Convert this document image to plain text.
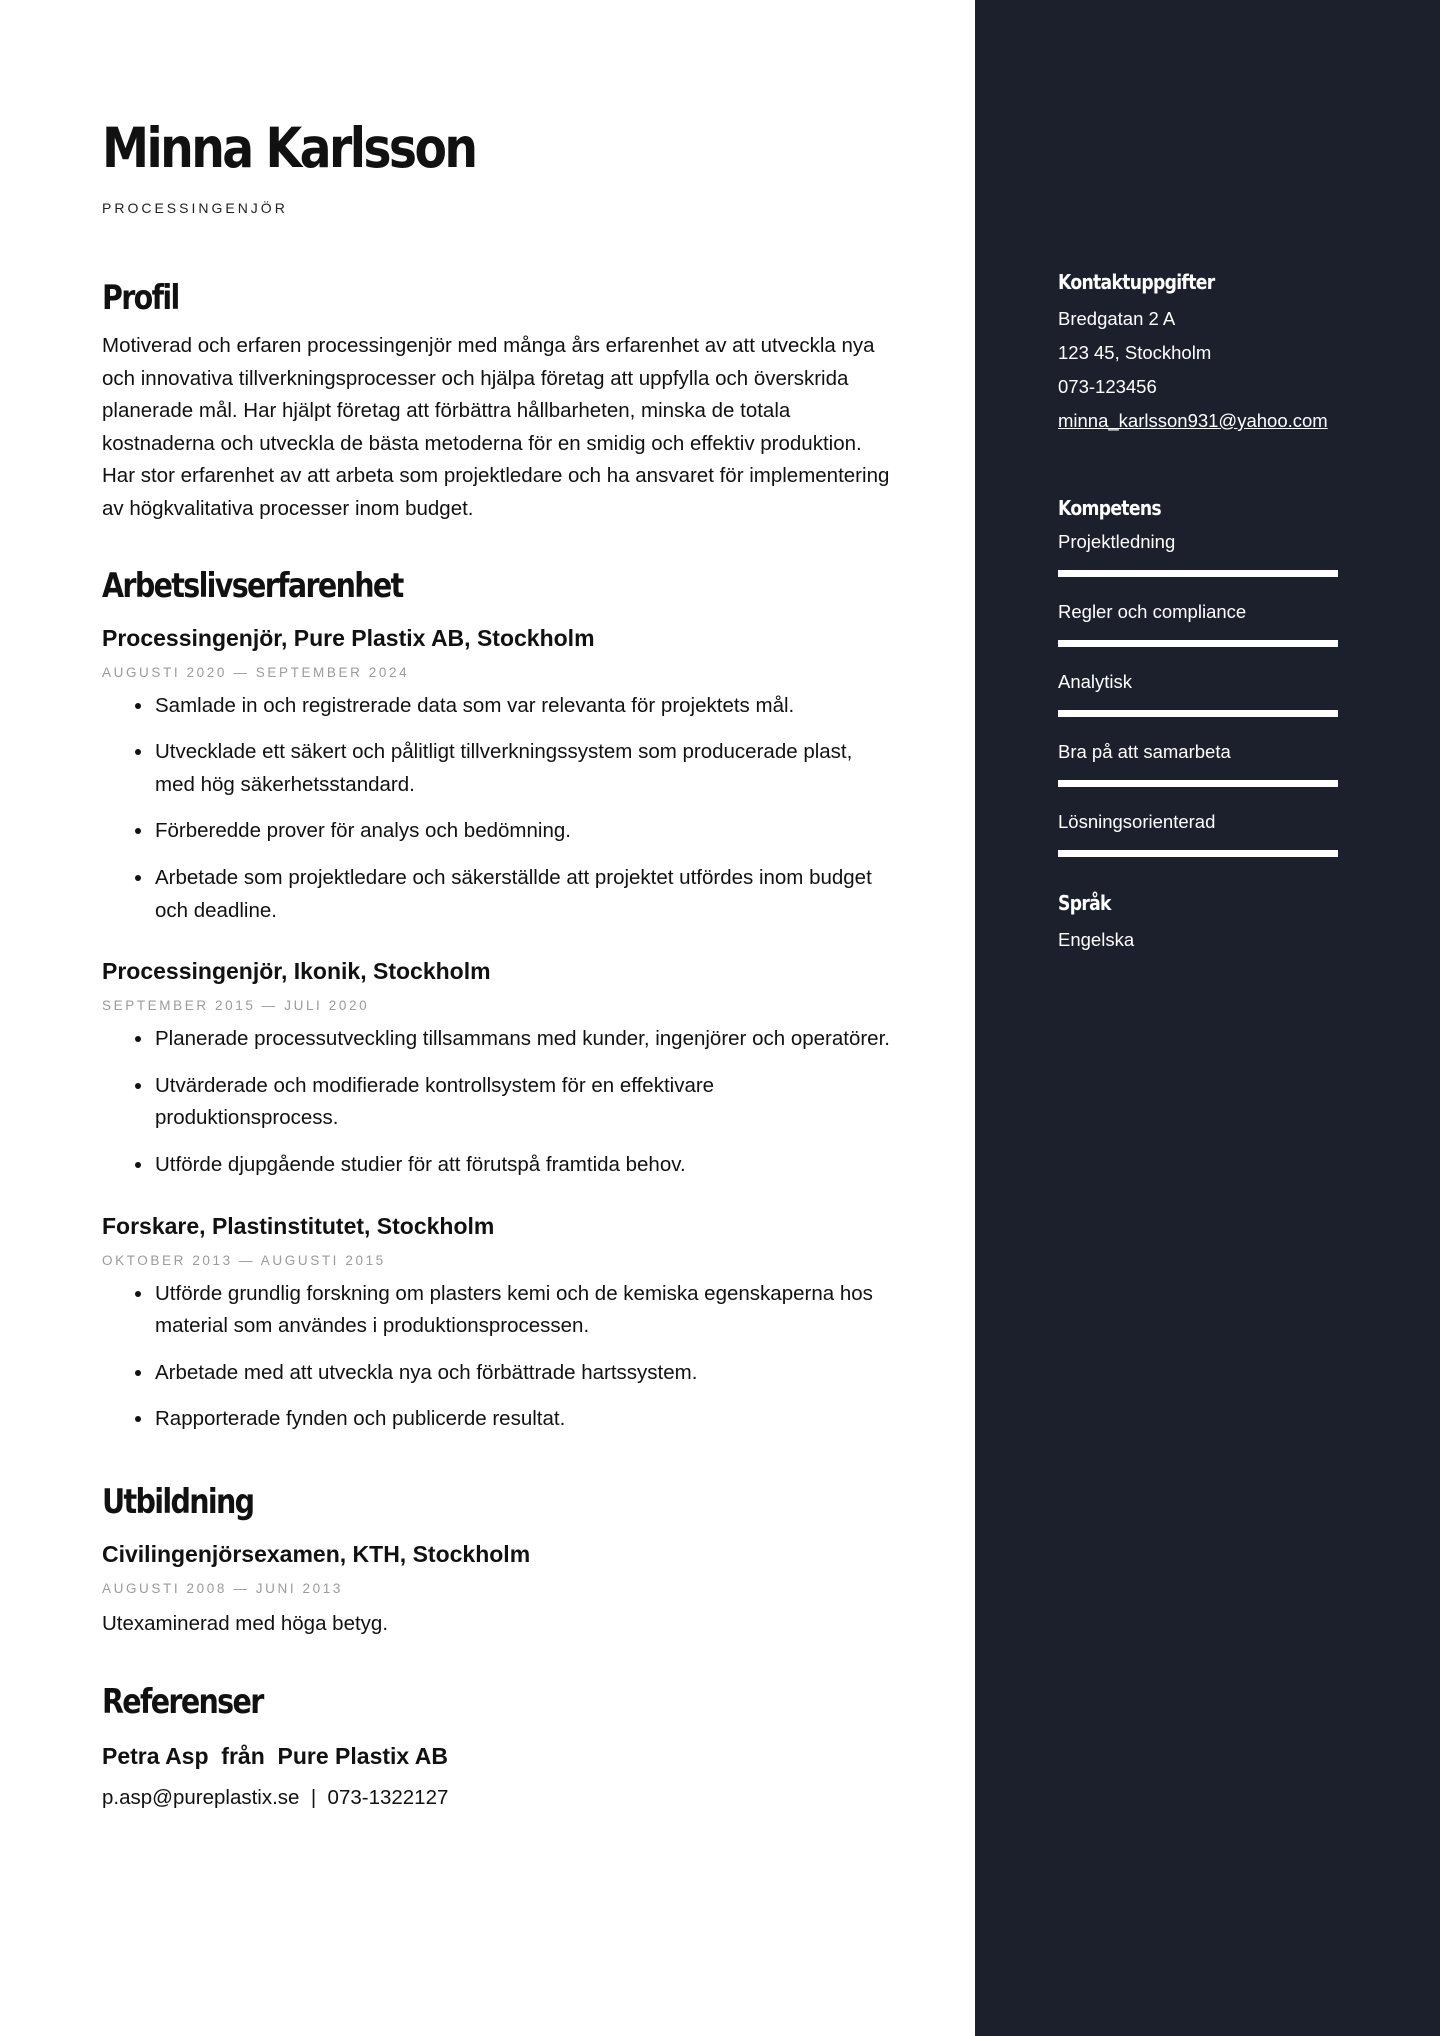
Minna Karlsson
PROCESSINGENJÖR
Profil
Motiverad och erfaren processingenjör med många års erfarenhet av att utveckla nya och innovativa tillverkningsprocesser och hjälpa företag att uppfylla och överskrida planerade mål. Har hjälpt företag att förbättra hållbarheten, minska de totala kostnaderna och utveckla de bästa metoderna för en smidig och effektiv produktion. Har stor erfarenhet av att arbeta som projektledare och ha ansvaret för implementering av högkvalitativa processer inom budget.
Arbetslivserfarenhet
Processingenjör, Pure Plastix AB, Stockholm
AUGUSTI 2020 — SEPTEMBER 2024
• Samlade in och registrerade data som var relevanta för projektets mål.
• Utvecklade ett säkert och pålitligt tillverkningssystem som producerade plast, med hög säkerhetsstandard.
• Förberedde prover för analys och bedömning.
• Arbetade som projektledare och säkerställde att projektet utfördes inom budget och deadline.
Processingenjör, Ikonik, Stockholm
SEPTEMBER 2015 — JULI 2020
• Planerade processutveckling tillsammans med kunder, ingenjörer och operatörer.
• Utvärderade och modifierade kontrollsystem för en effektivare produktionsprocess.
• Utförde djupgående studier för att förutspå framtida behov.
Forskare, Plastinstitutet, Stockholm
OKTOBER 2013 — AUGUSTI 2015
• Utförde grundlig forskning om plasters kemi och de kemiska egenskaperna hos material som användes i produktionsprocessen.
• Arbetade med att utveckla nya och förbättrade hartssystem.
• Rapporterade fynden och publicerde resultat.
Utbildning
Civilingenjörsexamen, KTH, Stockholm
AUGUSTI 2008 — JUNI 2013
Utexaminerad med höga betyg.
Referenser
Petra Asp  från  Pure Plastix AB
p.asp@pureplastix.se  |  073-1322127
Kontaktuppgifter
Bredgatan 2 A
123 45, Stockholm
073-123456
minna_karlsson931@yahoo.com
Kompetens
Projektledning
Regler och compliance
Analytisk
Bra på att samarbeta
Lösningsorienterad
Språk
Engelska
